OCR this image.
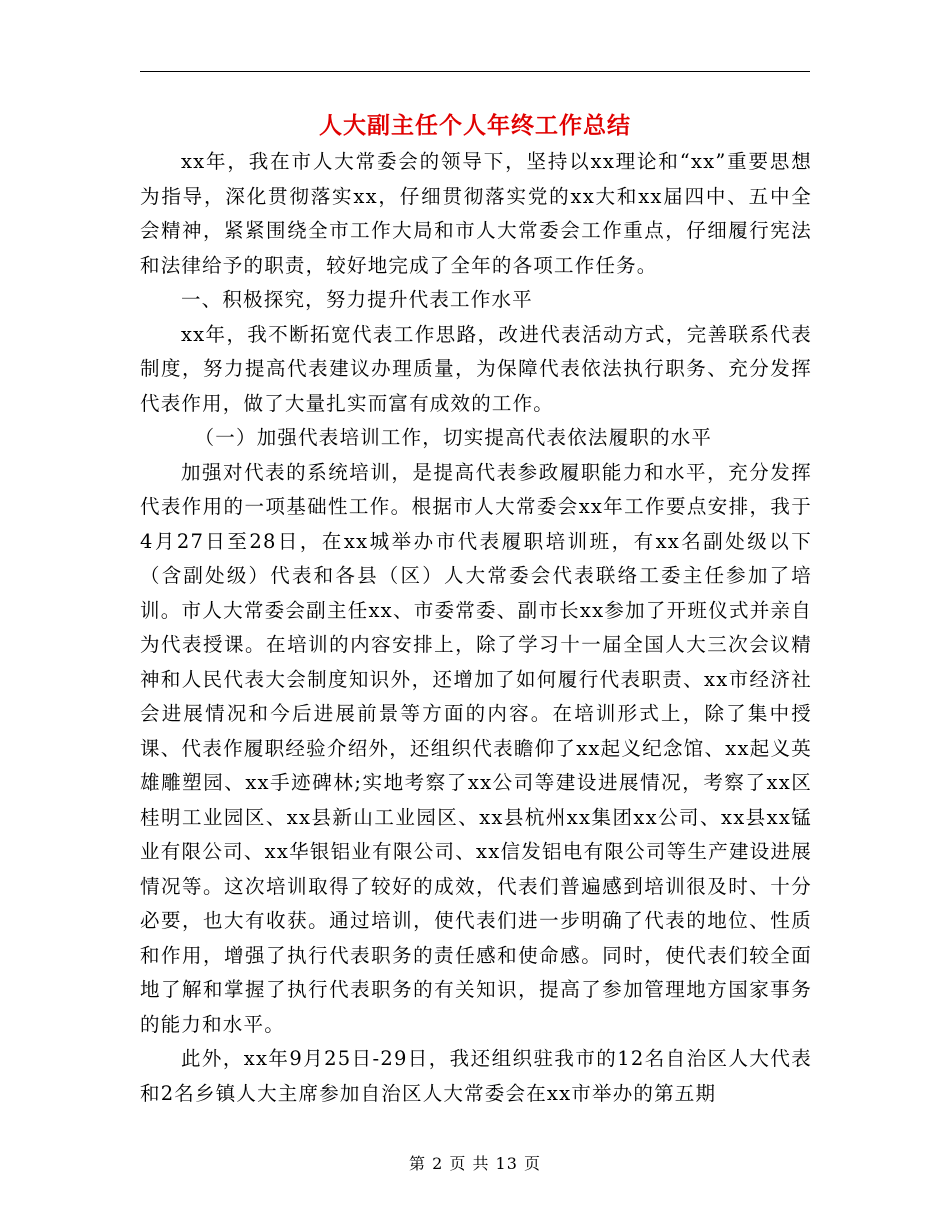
人大副主任个人年终工作总结

xx年，我在市人大常委会的领导下，坚持以xx理论和“xx”重要思想为指导，深化贯彻落实xx，仔细贯彻落实党的xx大和xx届四中、五中全会精神，紧紧围绕全市工作大局和市人大常委会工作重点，仔细履行宪法和法律给予的职责，较好地完成了全年的各项工作任务。

一、积极探究，努力提升代表工作水平

xx年，我不断拓宽代表工作思路，改进代表活动方式，完善联系代表制度，努力提高代表建议办理质量，为保障代表依法执行职务、充分发挥代表作用，做了大量扎实而富有成效的工作。

（一）加强代表培训工作，切实提高代表依法履职的水平

加强对代表的系统培训，是提高代表参政履职能力和水平，充分发挥代表作用的一项基础性工作。根据市人大常委会xx年工作要点安排，我于4月27日至28日，在xx城举办市代表履职培训班，有xx名副处级以下（含副处级）代表和各县（区）人大常委会代表联络工委主任参加了培训。市人大常委会副主任xx、市委常委、副市长xx参加了开班仪式并亲自为代表授课。在培训的内容安排上，除了学习十一届全国人大三次会议精神和人民代表大会制度知识外，还增加了如何履行代表职责、xx市经济社会进展情况和今后进展前景等方面的内容。在培训形式上，除了集中授课、代表作履职经验介绍外，还组织代表瞻仰了xx起义纪念馆、xx起义英雄雕塑园、xx手迹碑林;实地考察了xx公司等建设进展情况，考察了xx区桂明工业园区、xx县新山工业园区、xx县杭州xx集团xx公司、xx县xx锰业有限公司、xx华银铝业有限公司、xx信发铝电有限公司等生产建设进展情况等。这次培训取得了较好的成效，代表们普遍感到培训很及时、十分必要，也大有收获。通过培训，使代表们进一步明确了代表的地位、性质和作用，增强了执行代表职务的责任感和使命感。同时，使代表们较全面地了解和掌握了执行代表职务的有关知识，提高了参加管理地方国家事务的能力和水平。

此外，xx年9月25日-29日，我还组织驻我市的12名自治区人大代表和2名乡镇人大主席参加自治区人大常委会在xx市举办的第五期

第 2 页 共 13 页
